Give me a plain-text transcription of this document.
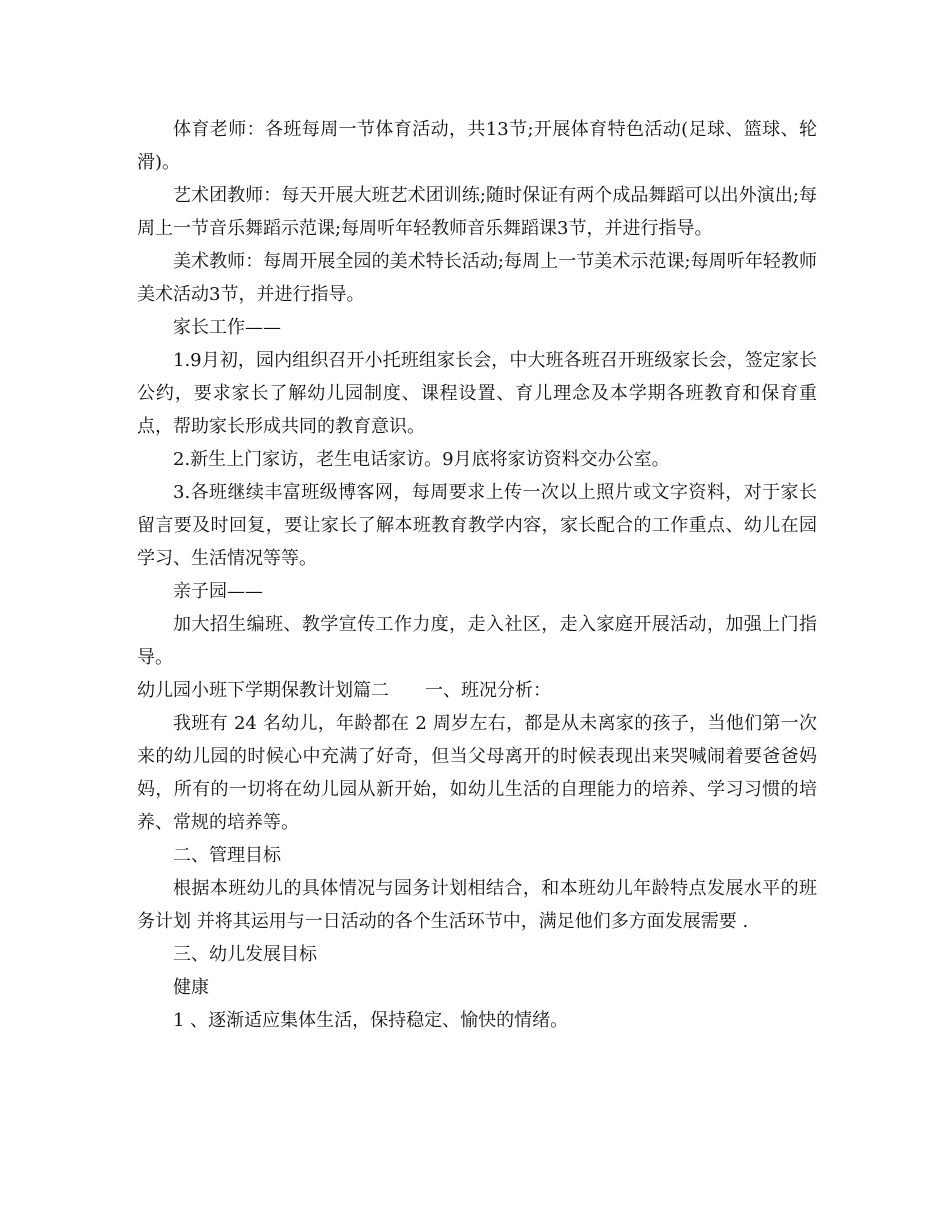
体育老师：各班每周一节体育活动，共13节;开展体育特色活动(足球、篮球、轮滑)。

艺术团教师：每天开展大班艺术团训练;随时保证有两个成品舞蹈可以出外演出;每周上一节音乐舞蹈示范课;每周听年轻教师音乐舞蹈课3节，并进行指导。

美术教师：每周开展全园的美术特长活动;每周上一节美术示范课;每周听年轻教师美术活动3节，并进行指导。

家长工作——

1.9月初，园内组织召开小托班组家长会，中大班各班召开班级家长会，签定家长公约，要求家长了解幼儿园制度、课程设置、育儿理念及本学期各班教育和保育重点，帮助家长形成共同的教育意识。

2.新生上门家访，老生电话家访。9月底将家访资料交办公室。

3.各班继续丰富班级博客网，每周要求上传一次以上照片或文字资料，对于家长留言要及时回复，要让家长了解本班教育教学内容，家长配合的工作重点、幼儿在园学习、生活情况等等。

亲子园——

加大招生编班、教学宣传工作力度，走入社区，走入家庭开展活动，加强上门指导。

幼儿园小班下学期保教计划篇二　　一、班况分析：

我班有 24 名幼儿，年龄都在 2 周岁左右，都是从未离家的孩子，当他们第一次来的幼儿园的时候心中充满了好奇，但当父母离开的时候表现出来哭喊闹着要爸爸妈妈，所有的一切将在幼儿园从新开始，如幼儿生活的自理能力的培养、学习习惯的培养、常规的培养等。

二、管理目标

根据本班幼儿的具体情况与园务计划相结合，和本班幼儿年龄特点发展水平的班务计划 并将其运用与一日活动的各个生活环节中，满足他们多方面发展需要 .

三、幼儿发展目标

健康

1 、逐渐适应集体生活，保持稳定、愉快的情绪。
